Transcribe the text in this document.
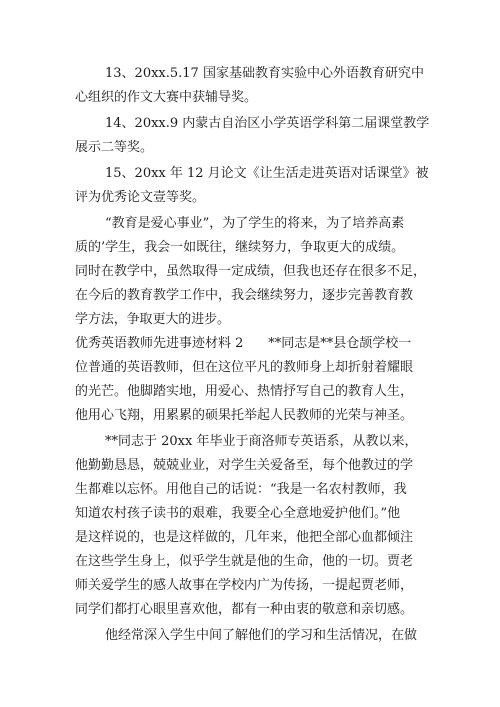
13、20xx.5.17 国家基础教育实验中心外语教育研究中
心组织的作文大赛中获辅导奖。
14、20xx.9 内蒙古自治区小学英语学科第二届课堂教学
展示二等奖。
15、20xx 年 12 月论文《让生活走进英语对话课堂》被
评为优秀论文壹等奖。
“教育是爱心事业”，为了学生的将来，为了培养高素
质的’学生，我会一如既往，继续努力，争取更大的成绩。
同时在教学中，虽然取得一定成绩，但我也还存在很多不足，
在今后的教育教学工作中，我会继续努力，逐步完善教育教
学方法，争取更大的进步。
优秀英语教师先进事迹材料 2      **同志是**县仓颉学校一
位普通的英语教师，但在这位平凡的教师身上却折射着耀眼
的光芒。他脚踏实地，用爱心、热情抒写自己的教育人生，
他用心飞翔，用累累的硕果托举起人民教师的光荣与神圣。
**同志于 20xx 年毕业于商洛师专英语系，从教以来，
他勤勤恳恳，兢兢业业，对学生关爱备至，每个他教过的学
生都难以忘怀。用他自己的话说：“我是一名农村教师，我
知道农村孩子读书的艰难，我要全心全意地爱护他们。”他
是这样说的，也是这样做的，几年来，他把全部心血都倾注
在这些学生身上，似乎学生就是他的生命，他的一切。贾老
师关爱学生的感人故事在学校内广为传扬，一提起贾老师，
同学们都打心眼里喜欢他，都有一种由衷的敬意和亲切感。
他经常深入学生中间了解他们的学习和生活情况，在做
